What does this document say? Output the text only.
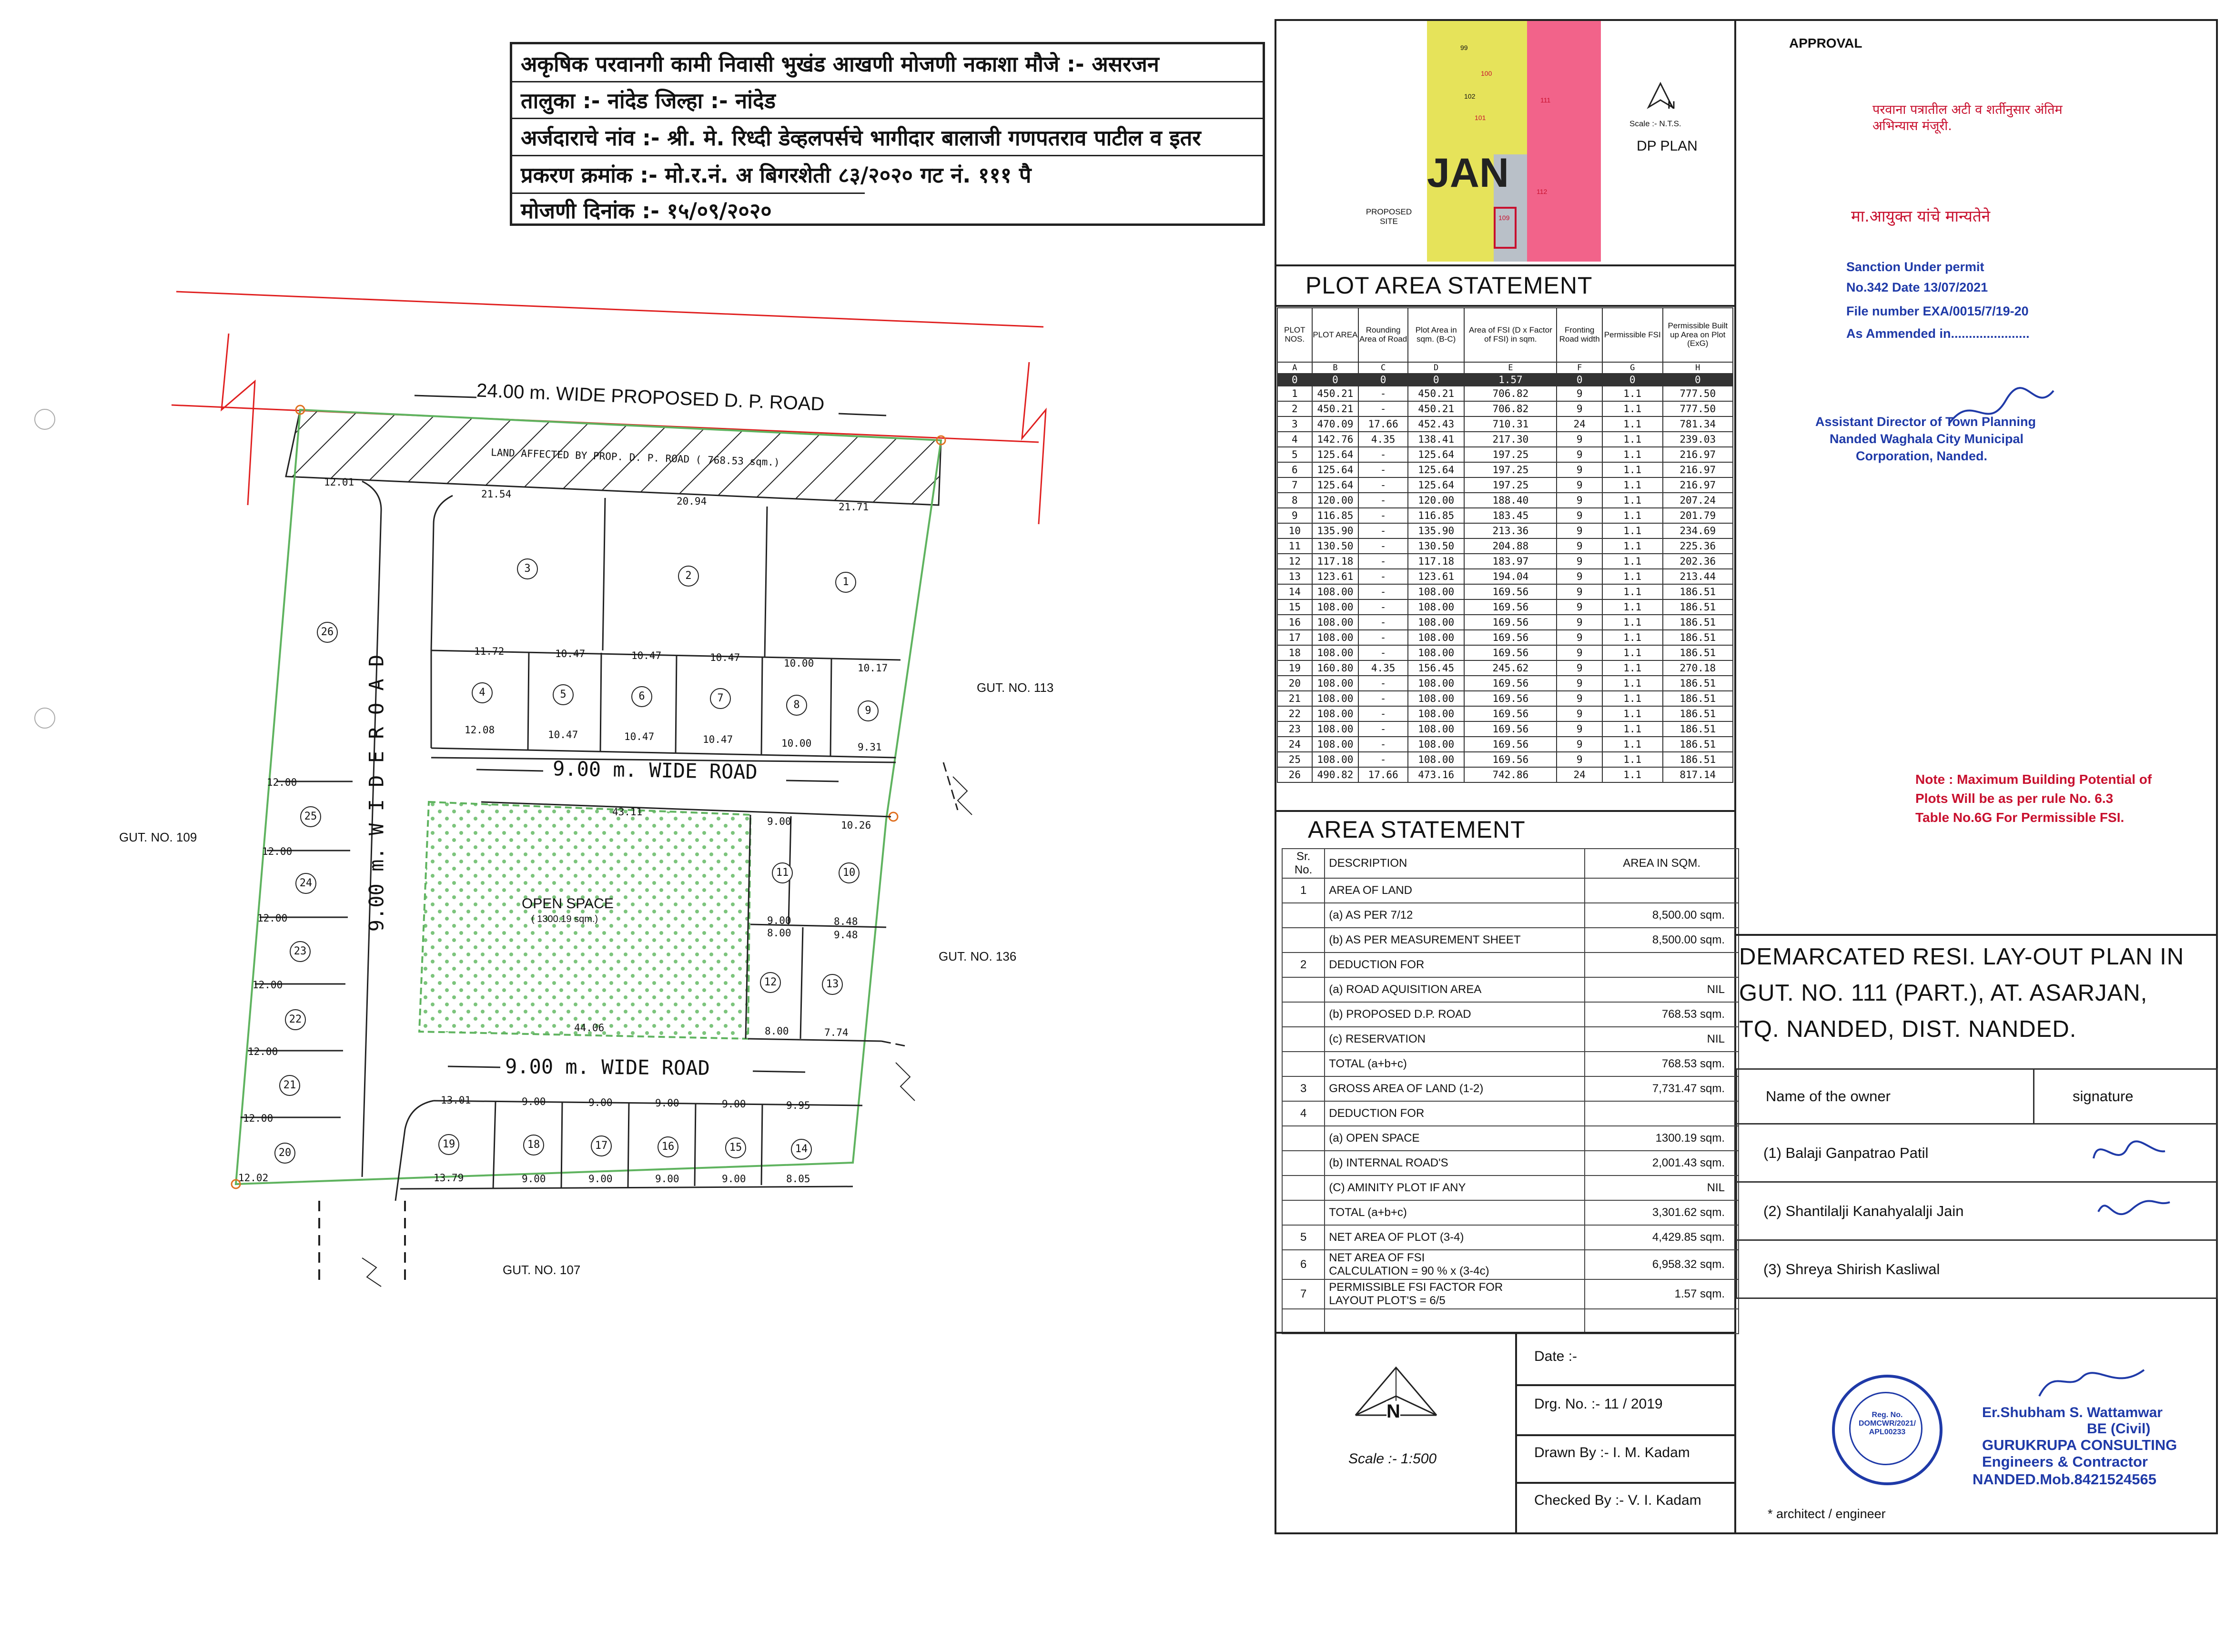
अकृषिक परवानगी कामी निवासी भुखंड आखणी मोजणी नकाशा मौजे :- असरजन
तालुका :- नांदेड जिल्हा :- नांदेड
अर्जदाराचे नांव :- श्री. मे. रिध्दी डेव्हलपर्सचे भागीदार बालाजी गणपतराव पाटील व इतर
प्रकरण क्रमांक :- मो.र.नं. अ बिगरशेती ८३/२०२० गट नं. १११ पै
मोजणी दिनांक :- १५/०९/२०२०
24.00 m. WIDE PROPOSED D. P. ROAD
LAND AFFECTED BY PROP. D. P. ROAD ( 768.53 sqm.)
9.00 m. WIDE ROAD
9.00 m. WIDE ROAD
9.00 m. W I D E R O A D	OPEN SPACE
( 1300.19 sqm.)
GUT. NO. 109
GUT. NO. 113
GUT. NO. 136
GUT. NO. 107
1
2
3
4	5	6	7
8	9
10
11
12	13
14
15
16
17
18
19
20
21
22
23
24
25
26
12.01
21.54
20.94	21.71
11.72	10.47	10.47	10.47	10.00	10.17
12.08	10.47	10.47	10.47	10.00	9.31
43.11
9.00	10.26
9.00	8.48
8.00	9.48
44.06	8.00	7.74
13.01	9.00	9.00	9.00	9.00	9.95
13.79	9.00	9.00	9.00	9.00	8.05
12.00
12.00
12.00
12.00
12.00
12.00
12.02
JAN
99
100
102
101
111
112
109
PROPOSED
SITE
N
Scale :- N.T.S.
DP PLAN
PLOT AREA STATEMENT
PLOT NOS.	PLOT AREA	Rounding Area of Road	Plot Area in sqm. (B-C)	Area of FSI (D x Factor of FSI) in sqm.	Fronting Road width	Permissible FSI	Permissible Built up Area on Plot (ExG)
A	B	C	D	E	F	G	H
0	0	0	0	1.57	0	0	0
1	450.21	-	450.21	706.82	9	1.1	777.50
2	450.21	-	450.21	706.82	9	1.1	777.50
3	470.09	17.66	452.43	710.31	24	1.1	781.34
4	142.76	4.35	138.41	217.30	9	1.1	239.03
5	125.64	-	125.64	197.25	9	1.1	216.97
6	125.64	-	125.64	197.25	9	1.1	216.97
7	125.64	-	125.64	197.25	9	1.1	216.97
8	120.00	-	120.00	188.40	9	1.1	207.24
9	116.85	-	116.85	183.45	9	1.1	201.79
10	135.90	-	135.90	213.36	9	1.1	234.69
11	130.50	-	130.50	204.88	9	1.1	225.36
12	117.18	-	117.18	183.97	9	1.1	202.36
13	123.61	-	123.61	194.04	9	1.1	213.44
14	108.00	-	108.00	169.56	9	1.1	186.51
15	108.00	-	108.00	169.56	9	1.1	186.51
16	108.00	-	108.00	169.56	9	1.1	186.51
17	108.00	-	108.00	169.56	9	1.1	186.51
18	108.00	-	108.00	169.56	9	1.1	186.51
19	160.80	4.35	156.45	245.62	9	1.1	270.18
20	108.00	-	108.00	169.56	9	1.1	186.51
21	108.00	-	108.00	169.56	9	1.1	186.51
22	108.00	-	108.00	169.56	9	1.1	186.51
23	108.00	-	108.00	169.56	9	1.1	186.51
24	108.00	-	108.00	169.56	9	1.1	186.51
25	108.00	-	108.00	169.56	9	1.1	186.51
26	490.82	17.66	473.16	742.86	24	1.1	817.14
AREA STATEMENT
Sr. No.	DESCRIPTION	AREA IN SQM.
1	AREA OF LAND	
	(a) AS PER 7/12	8,500.00 sqm.
	(b) AS PER MEASUREMENT SHEET	8,500.00 sqm.
2	DEDUCTION FOR	
	(a) ROAD AQUISITION AREA	NIL
	(b) PROPOSED D.P. ROAD	768.53 sqm.
	(c) RESERVATION	NIL
	TOTAL (a+b+c)	768.53 sqm.
3	GROSS AREA OF LAND (1-2)	7,731.47 sqm.
4	DEDUCTION FOR	
	(a) OPEN SPACE	1300.19 sqm.
	(b) INTERNAL ROAD'S	2,001.43 sqm.
	(C) AMINITY PLOT IF ANY	NIL
	TOTAL (a+b+c)	3,301.62 sqm.
5	NET AREA OF PLOT (3-4)	4,429.85 sqm.
6	NET AREA OF FSI
CALCULATION = 90 % x (3-4c)	6,958.32 sqm.
7	PERMISSIBLE FSI FACTOR FOR
LAYOUT PLOT'S = 6/5	1.57 sqm.

Date :-
Drg. No. :- 11 / 2019
Drawn By :- I. M. Kadam
Checked By :- V. I. Kadam
N
Scale :- 1:500
APPROVAL
परवाना पत्रातील अटी व शर्तीनुसार अंतिम
अभिन्यास मंजूरी.
मा.आयुक्त यांचे मान्यतेने
Sanction Under permit
No.342 Date 13/07/2021
File number EXA/0015/7/19-20
As Ammended in......................
Assistant Director of Town Planning
Nanded Waghala City Municipal
Corporation, Nanded.
Note : Maximum Building Potential of
Plots Will be as per rule No. 6.3
Table No.6G For Permissible FSI.
DEMARCATED RESI. LAY-OUT PLAN IN
GUT. NO. 111 (PART.), AT. ASARJAN,
TQ. NANDED, DIST. NANDED.
Name of the owner	signature
(1) Balaji Ganpatrao Patil	
(2) Shantilalji Kanahyalalji Jain	
(3) Shreya Shirish Kasliwal	
Reg. No.
DOMCWR/2021/
APL00233
Er.Shubham S. Wattamwar
BE (Civil)
GURUKRUPA CONSULTING
Engineers & Contractor
NANDED.Mob.8421524565
* architect / engineer
